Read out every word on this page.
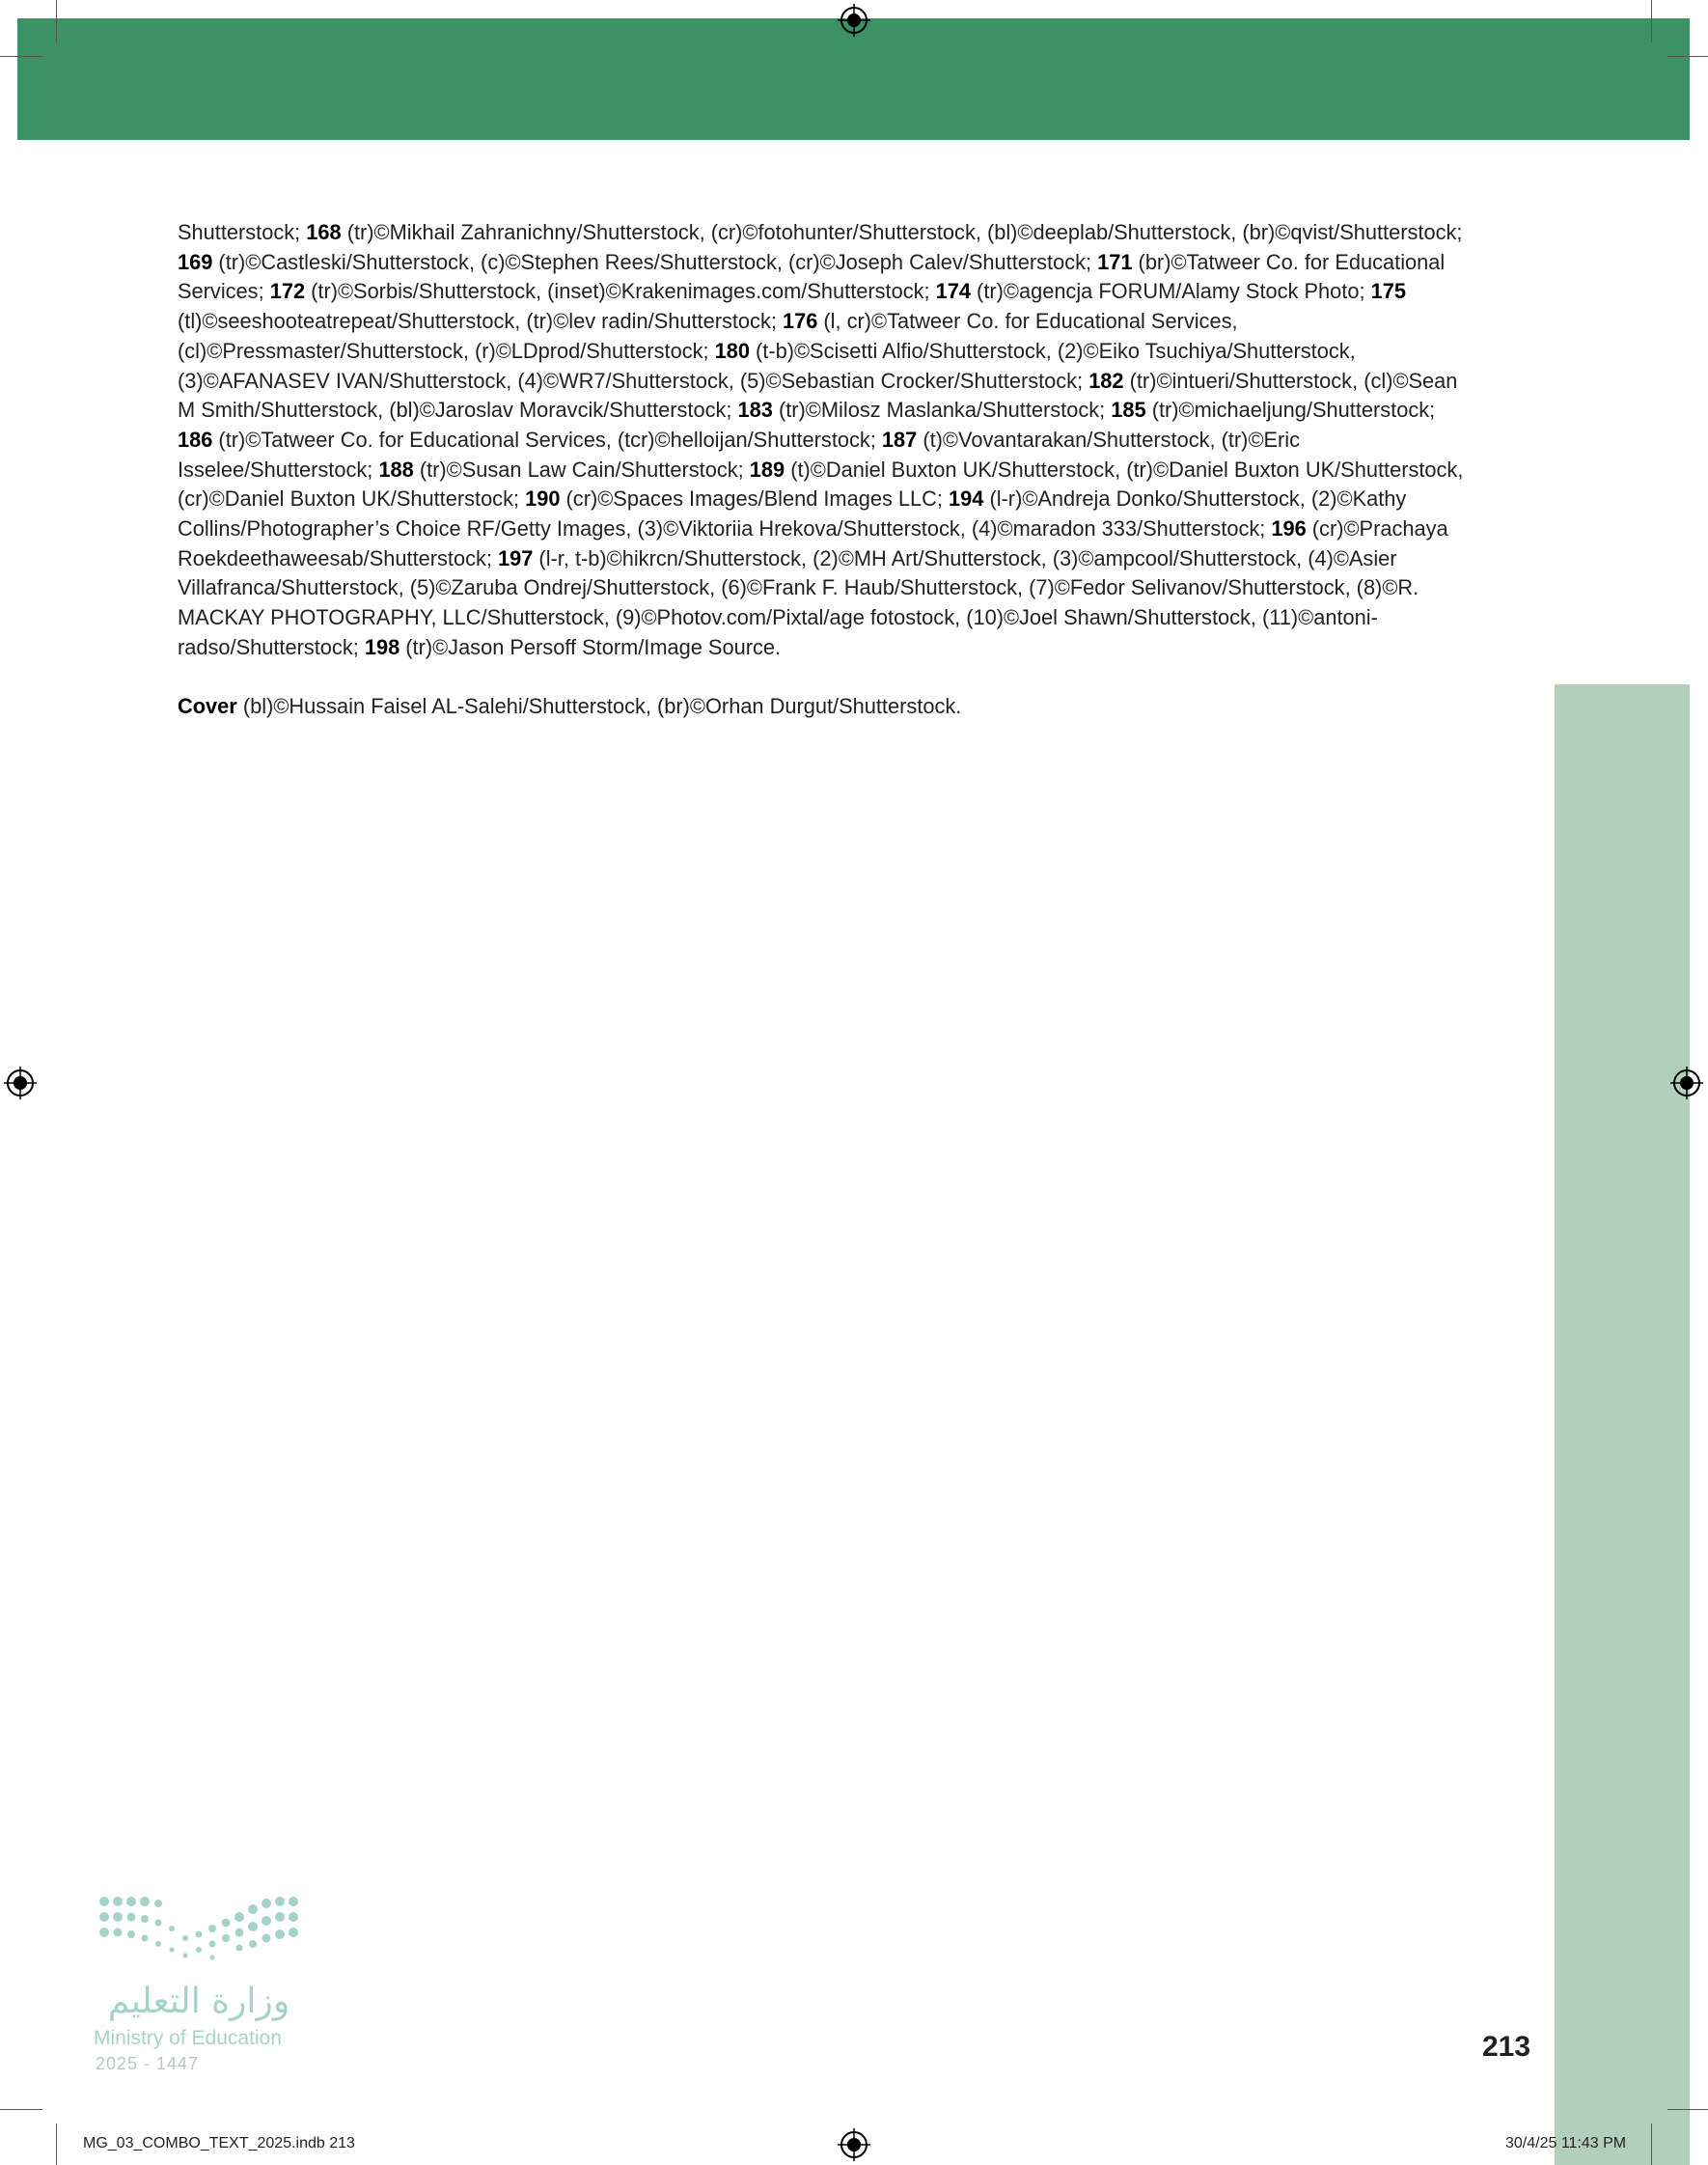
Shutterstock; 168 (tr)©Mikhail Zahranichny/Shutterstock, (cr)©fotohunter/Shutterstock, (bl)©deeplab/Shutterstock, (br)©qvist/Shutterstock; 169 (tr)©Castleski/Shutterstock, (c)©Stephen Rees/Shutterstock, (cr)©Joseph Calev/Shutterstock; 171 (br)©Tatweer Co. for Educational Services; 172 (tr)©Sorbis/Shutterstock, (inset)©Krakenimages.com/Shutterstock; 174 (tr)©agencja FORUM/Alamy Stock Photo; 175 (tl)©seeshooteatrepeat/Shutterstock, (tr)©lev radin/Shutterstock; 176 (l, cr)©Tatweer Co. for Educational Services, (cl)©Pressmaster/Shutterstock, (r)©LDprod/Shutterstock; 180 (t-b)©Scisetti Alfio/Shutterstock, (2)©Eiko Tsuchiya/Shutterstock, (3)©AFANASEV IVAN/Shutterstock, (4)©WR7/Shutterstock, (5)©Sebastian Crocker/Shutterstock; 182 (tr)©intueri/Shutterstock, (cl)©Sean M Smith/Shutterstock, (bl)©Jaroslav Moravcik/Shutterstock; 183 (tr)©Milosz Maslanka/Shutterstock; 185 (tr)©michaeljung/Shutterstock; 186 (tr)©Tatweer Co. for Educational Services, (tcr)©helloijan/Shutterstock; 187 (t)©Vovantarakan/Shutterstock, (tr)©Eric Isselee/Shutterstock; 188 (tr)©Susan Law Cain/Shutterstock; 189 (t)©Daniel Buxton UK/Shutterstock, (tr)©Daniel Buxton UK/Shutterstock, (cr)©Daniel Buxton UK/Shutterstock; 190 (cr)©Spaces Images/Blend Images LLC; 194 (l-r)©Andreja Donko/Shutterstock, (2)©Kathy Collins/Photographer’s Choice RF/Getty Images, (3)©Viktoriia Hrekova/Shutterstock, (4)©maradon 333/Shutterstock; 196 (cr)©Prachaya Roekdeethaweesab/Shutterstock; 197 (l-r, t-b)©hikrcn/Shutterstock, (2)©MH Art/Shutterstock, (3)©ampcool/Shutterstock, (4)©Asier Villafranca/Shutterstock, (5)©Zaruba Ondrej/Shutterstock, (6)©Frank F. Haub/Shutterstock, (7)©Fedor Selivanov/Shutterstock, (8)©R. MACKAY PHOTOGRAPHY, LLC/Shutterstock, (9)©Photov.com/Pixtal/age fotostock, (10)©Joel Shawn/Shutterstock, (11)©antoni-radso/Shutterstock; 198 (tr)©Jason Persoff Storm/Image Source.

Cover (bl)©Hussain Faisel AL-Salehi/Shutterstock, (br)©Orhan Durgut/Shutterstock.

وزارة التعليم
Ministry of Education
2025 - 1447
213
MG_03_COMBO_TEXT_2025.indb 213	30/4/25 11:43 PM
